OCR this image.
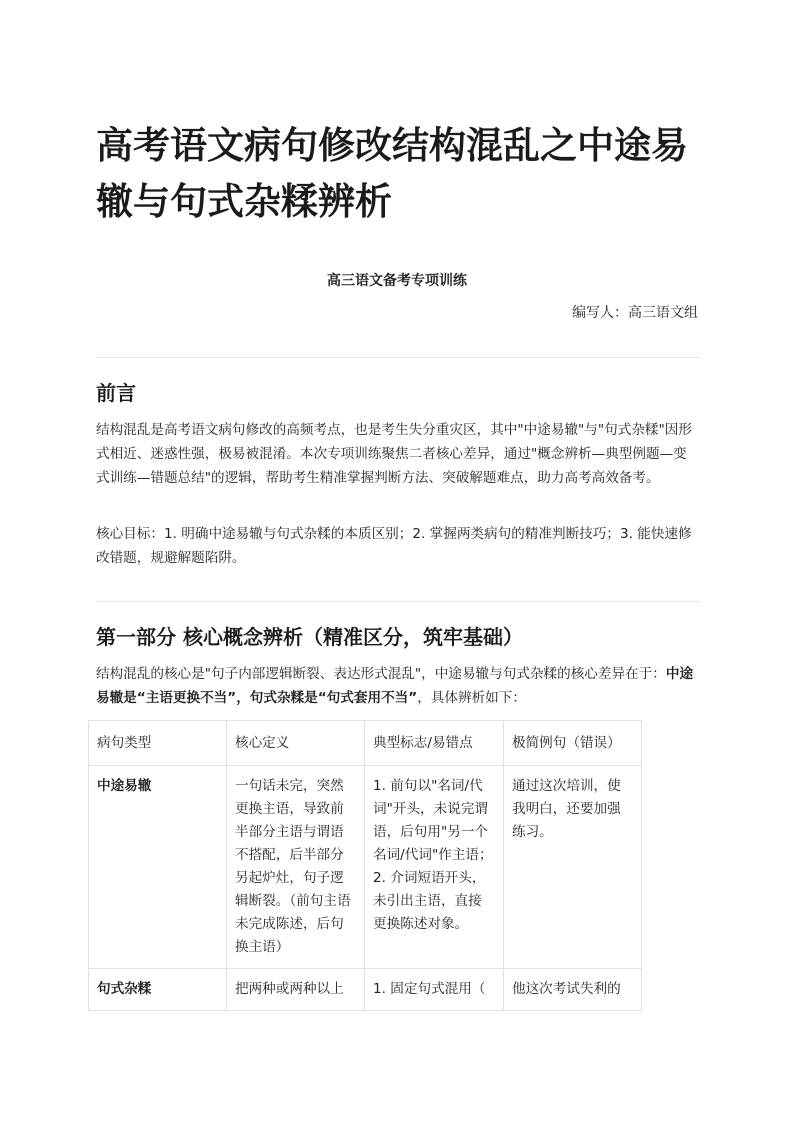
高考语文病句修改结构混乱之中途易辙与句式杂糅辨析
高三语文备考专项训练
编写人：高三语文组
前言

结构混乱是高考语文病句修改的高频考点，也是考生失分重灾区，其中"中途易辙"与"句式杂糅"因形式相近、迷惑性强，极易被混淆。本次专项训练聚焦二者核心差异，通过"概念辨析—典型例题—变式训练—错题总结"的逻辑，帮助考生精准掌握判断方法、突破解题难点，助力高考高效备考。

核心目标：1. 明确中途易辙与句式杂糅的本质区别；2. 掌握两类病句的精准判断技巧；3. 能快速修改错题，规避解题陷阱。

第一部分 核心概念辨析（精准区分，筑牢基础）

结构混乱的核心是"句子内部逻辑断裂、表达形式混乱"，中途易辙与句式杂糅的核心差异在于：中途易辙是“主语更换不当”，句式杂糅是“句式套用不当”，具体辨析如下：

病句类型	核心定义	典型标志/易错点	极简例句（错误）
中途易辙	一句话未完，突然更换主语，导致前半部分主语与谓语不搭配，后半部分另起炉灶，句子逻辑断裂。（前句主语未完成陈述，后句换主语）	1. 前句以"名词/代词"开头，未说完谓语，后句用"另一个名词/代词"作主语；2. 介词短语开头，未引出主语，直接更换陈述对象。	通过这次培训，使我明白，还要加强练习。
句式杂糅	把两种或两种以上	1. 固定句式混用（	他这次考试失利的
